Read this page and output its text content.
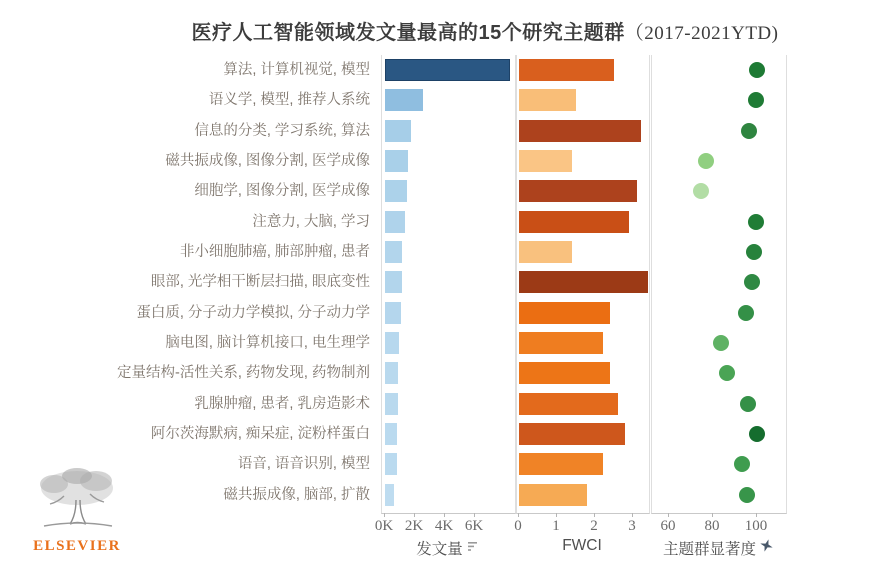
医疗人工智能领域发文量最高的15个研究主题群（2017-2021YTD)
算法, 计算机视觉, 模型
语义学, 模型, 推荐人系统
信息的分类, 学习系统, 算法
磁共振成像, 图像分割, 医学成像
细胞学, 图像分割, 医学成像
注意力, 大脑, 学习
非小细胞肺癌, 肺部肿瘤, 患者
眼部, 光学相干断层扫描, 眼底变性
蛋白质, 分子动力学模拟, 分子动力学
脑电图, 脑计算机接口, 电生理学
定量结构-活性关系, 药物发现, 药物制剂
乳腺肿瘤, 患者, 乳房造影术
阿尔茨海默病, 痴呆症, 淀粉样蛋白
语音, 语音识别, 模型
磁共振成像, 脑部, 扩散
0K 2K 4K 6K	0	1	2	3	60	80	100
发文量	FWCI	主题群显著度
ELSEVIER
